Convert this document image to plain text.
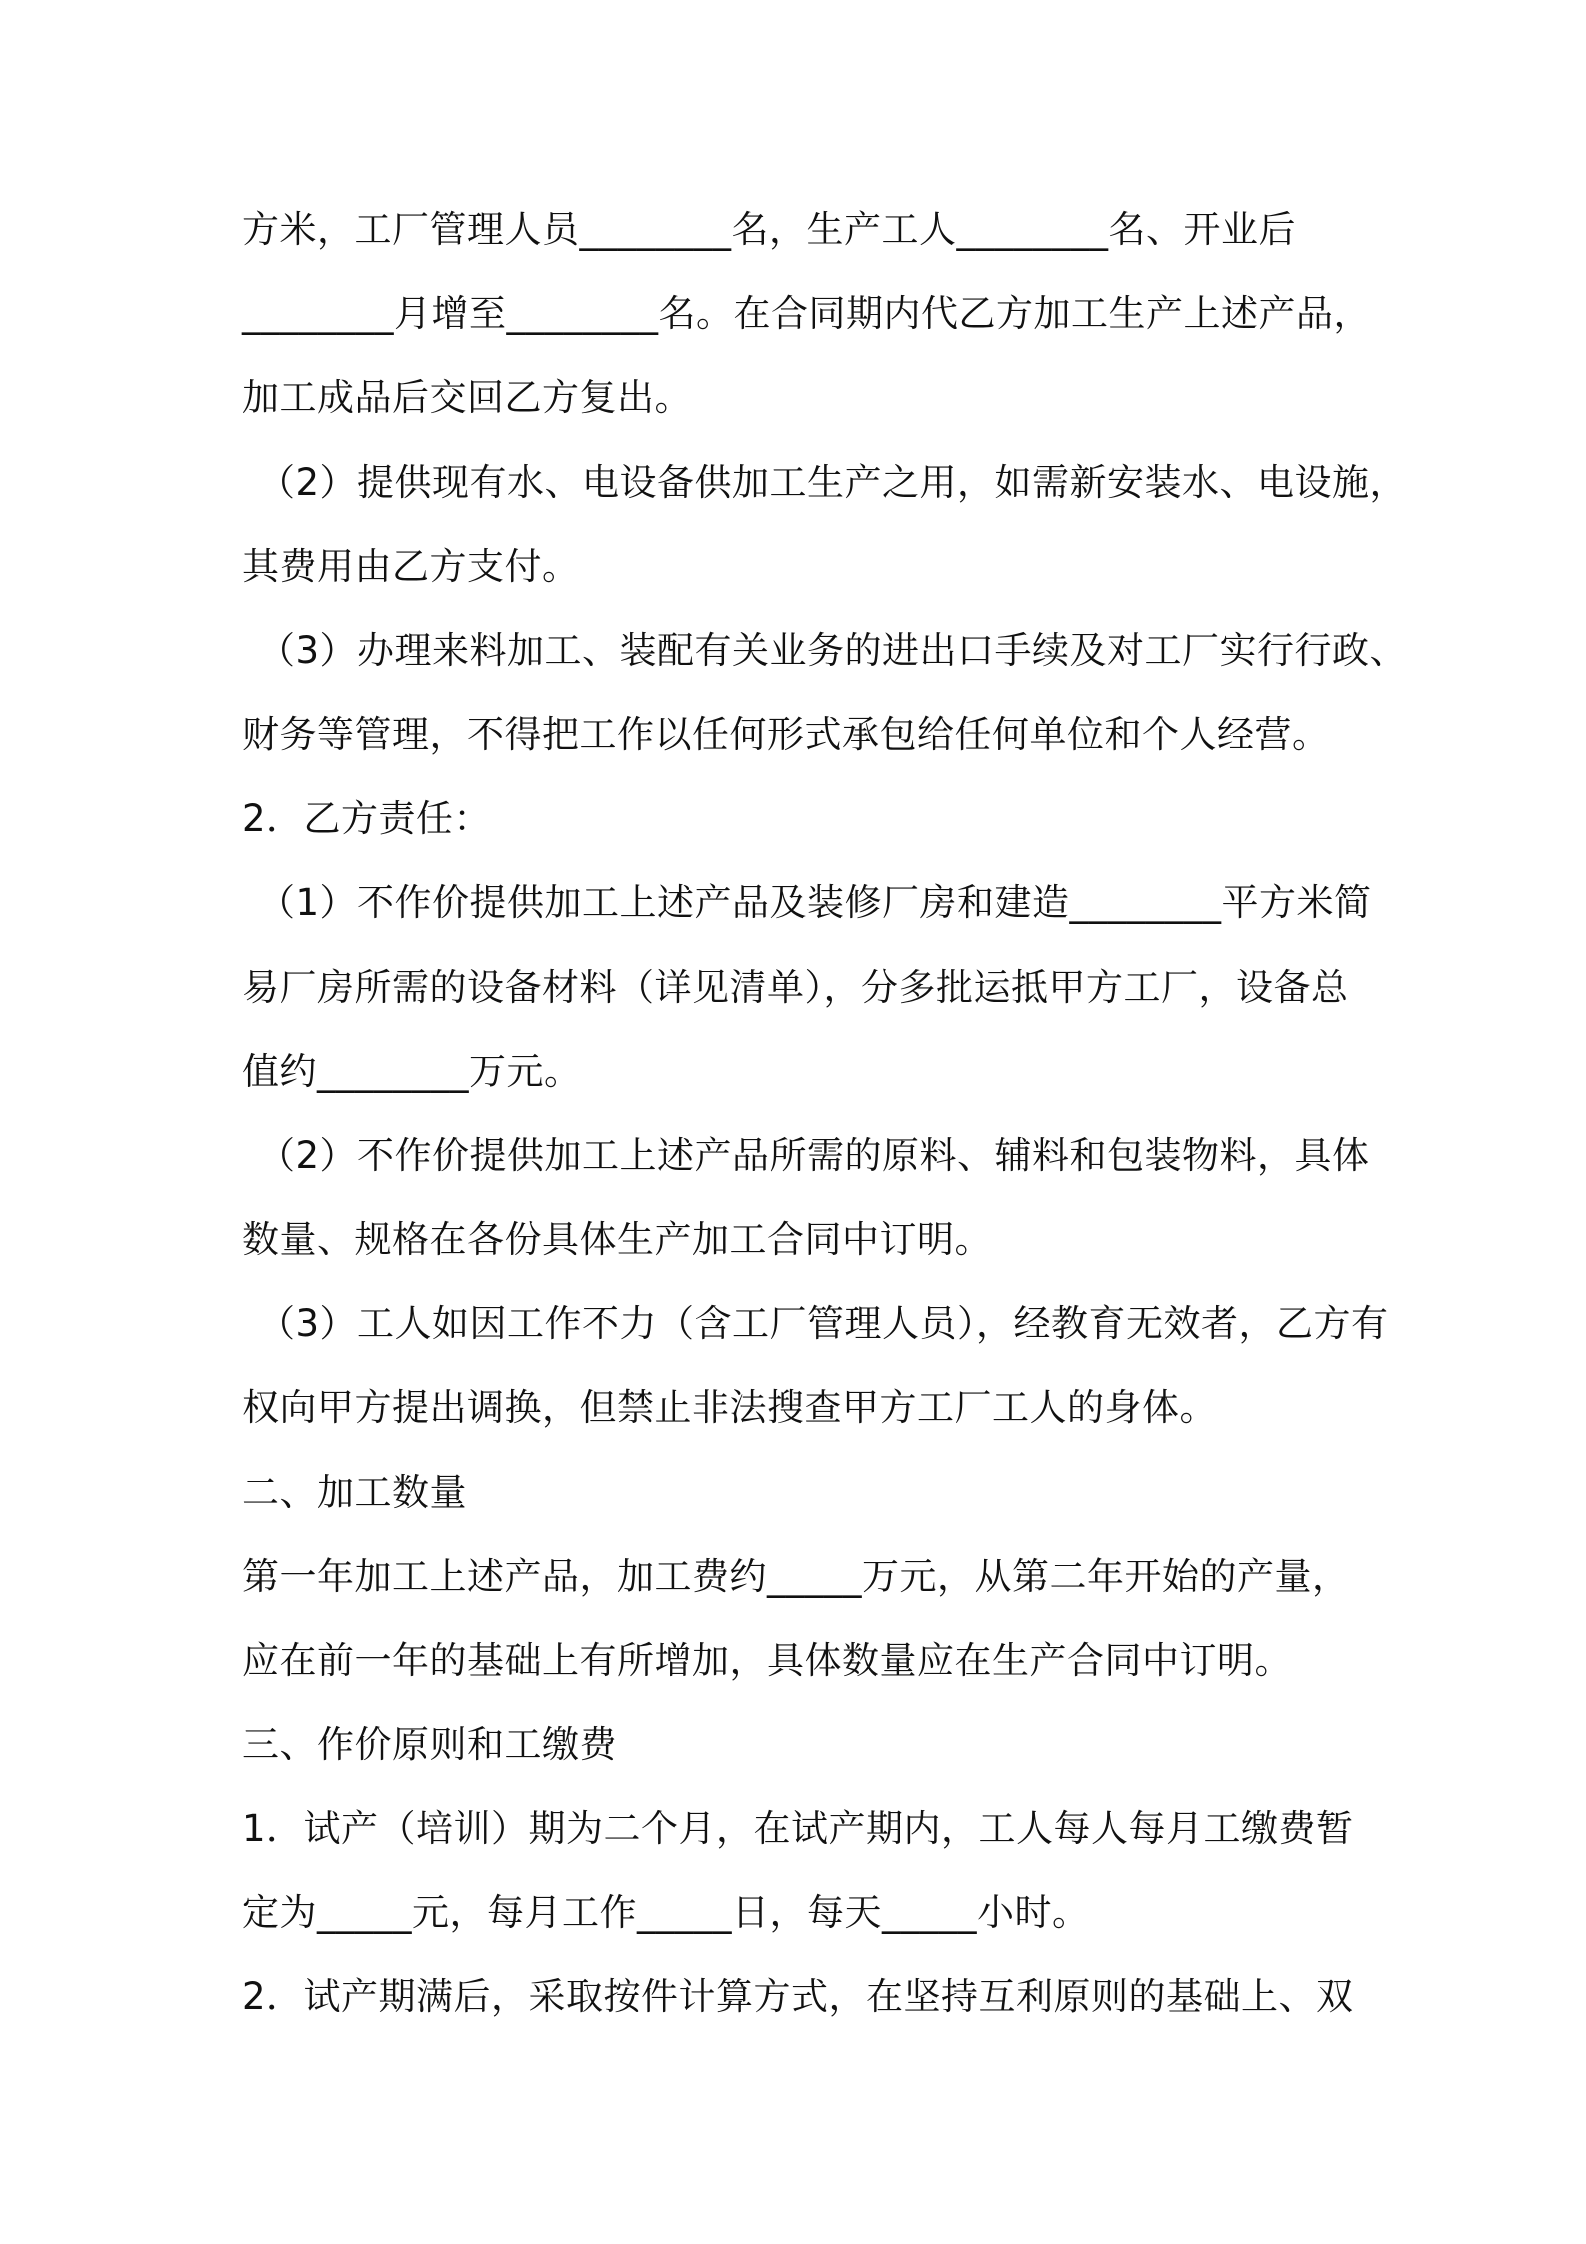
方米，工厂管理人员________名，生产工人________名、开业后
________月增至________名。在合同期内代乙方加工生产上述产品，
加工成品后交回乙方复出。
（2）提供现有水、电设备供加工生产之用，如需新安装水、电设施，
其费用由乙方支付。
（3）办理来料加工、装配有关业务的进出口手续及对工厂实行行政、
财务等管理，不得把工作以任何形式承包给任何单位和个人经营。
2．乙方责任：
（1）不作价提供加工上述产品及装修厂房和建造________平方米简
易厂房所需的设备材料（详见清单），分多批运抵甲方工厂，设备总
值约________万元。
（2）不作价提供加工上述产品所需的原料、辅料和包装物料，具体
数量、规格在各份具体生产加工合同中订明。
（3）工人如因工作不力（含工厂管理人员），经教育无效者，乙方有
权向甲方提出调换，但禁止非法搜查甲方工厂工人的身体。
二、加工数量
第一年加工上述产品，加工费约_____万元，从第二年开始的产量，
应在前一年的基础上有所增加，具体数量应在生产合同中订明。
三、作价原则和工缴费
1．试产（培训）期为二个月，在试产期内，工人每人每月工缴费暂
定为_____元，每月工作_____日，每天_____小时。
2．试产期满后，采取按件计算方式，在坚持互利原则的基础上、双
